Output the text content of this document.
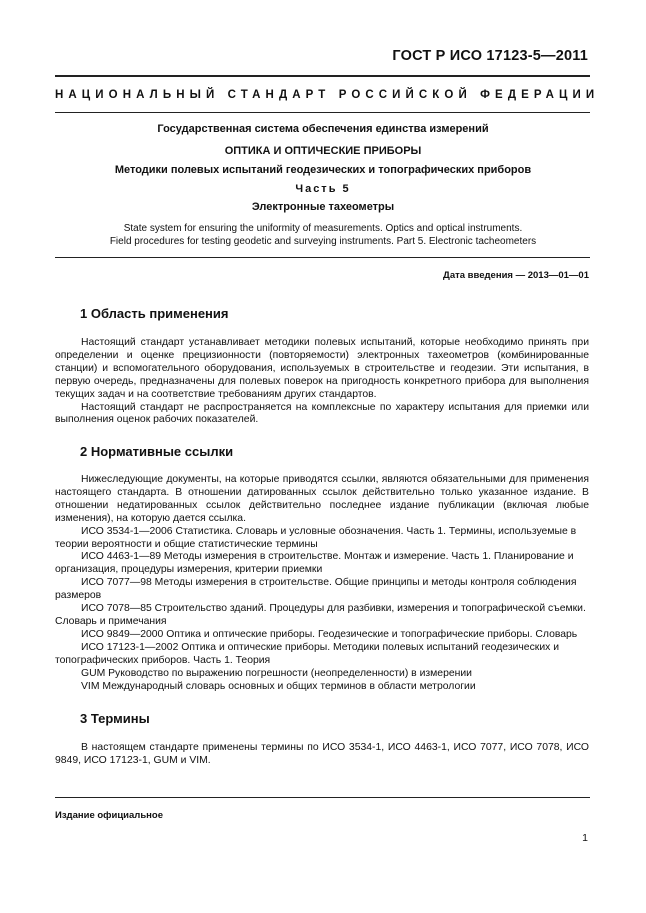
ГОСТ Р ИСО 17123-5—2011
НАЦИОНАЛЬНЫЙ СТАНДАРТ РОССИЙСКОЙ ФЕДЕРАЦИИ
Государственная система обеспечения единства измерений
ОПТИКА И ОПТИЧЕСКИЕ ПРИБОРЫ
Методики полевых испытаний геодезических и топографических приборов
Часть 5
Электронные тахеометры
State system for ensuring the uniformity of measurements. Optics and optical instruments.
Field procedures for testing geodetic and surveying instruments. Part 5. Electronic tacheometers
Дата введения — 2013—01—01
1 Область применения

Настоящий стандарт устанавливает методики полевых испытаний, которые необходимо принять при определении и оценке прецизионности (повторяемости) электронных тахеометров (комбинированные станции) и вспомогательного оборудования, используемых в строительстве и геодезии. Эти испытания, в первую очередь, предназначены для полевых поверок на пригодность конкретного прибора для выполнения текущих задач и на соответствие требованиям других стандартов.

Настоящий стандарт не распространяется на комплексные по характеру испытания для приемки или выполнения оценок рабочих показателей.

2 Нормативные ссылки

Нижеследующие документы, на которые приводятся ссылки, являются обязательными для применения настоящего стандарта. В отношении датированных ссылок действительно только указанное издание. В отношении недатированных ссылок действительно последнее издание публикации (включая любые изменения), на которую дается ссылка.

ИСО 3534-1—2006 Статистика. Словарь и условные обозначения. Часть 1. Термины, используемые в теории вероятности и общие статистические термины

ИСО 4463-1—89 Методы измерения в строительстве. Монтаж и измерение. Часть 1. Планирование и организация, процедуры измерения, критерии приемки

ИСО 7077—98 Методы измерения в строительстве. Общие принципы и методы контроля соблюдения размеров

ИСО 7078—85 Строительство зданий. Процедуры для разбивки, измерения и топографической съемки. Словарь и примечания

ИСО 9849—2000 Оптика и оптические приборы. Геодезические и топографические приборы. Словарь

ИСО 17123-1—2002 Оптика и оптические приборы. Методики полевых испытаний геодезических и топографических приборов. Часть 1. Теория

GUM Руководство по выражению погрешности (неопределенности) в измерении

VIM Международный словарь основных и общих терминов в области метрологии

3 Термины

В настоящем стандарте применены термины по ИСО 3534-1, ИСО 4463-1, ИСО 7077, ИСО 7078, ИСО 9849, ИСО 17123-1, GUM и VIM.

Издание официальное
1
